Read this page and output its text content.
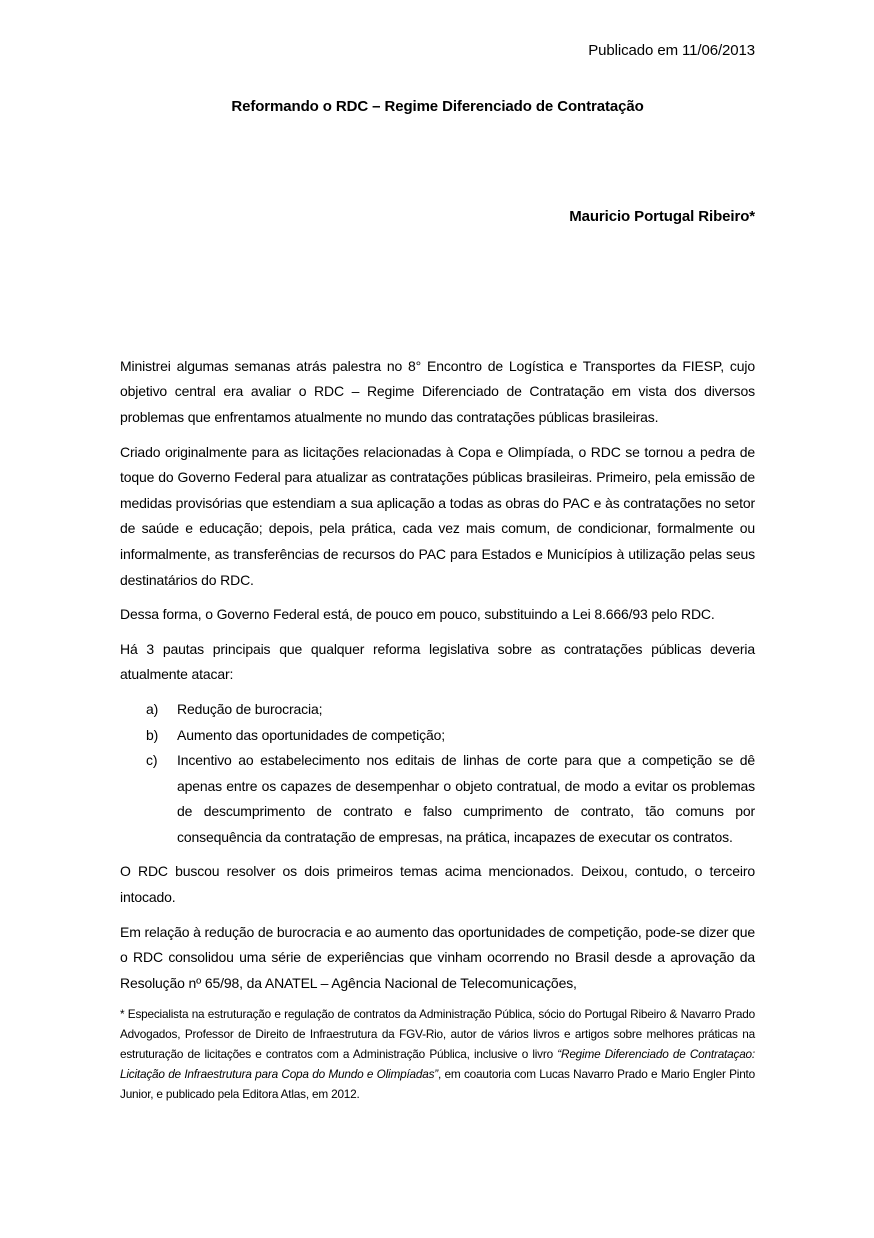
Publicado em 11/06/2013
Reformando o RDC – Regime Diferenciado de Contratação
Mauricio Portugal Ribeiro*

Ministrei algumas semanas atrás palestra no 8° Encontro de Logística e Transportes da FIESP, cujo objetivo central era avaliar o RDC – Regime Diferenciado de Contratação em vista dos diversos problemas que enfrentamos atualmente no mundo das contratações públicas brasileiras.

Criado originalmente para as licitações relacionadas à Copa e Olimpíada, o RDC se tornou a pedra de toque do Governo Federal para atualizar as contratações públicas brasileiras. Primeiro, pela emissão de medidas provisórias que estendiam a sua aplicação a todas as obras do PAC e às contratações no setor de saúde e educação; depois, pela prática, cada vez mais comum, de condicionar, formalmente ou informalmente, as transferências de recursos do PAC para Estados e Municípios à utilização pelas seus destinatários do RDC.

Dessa forma, o Governo Federal está, de pouco em pouco, substituindo a Lei 8.666/93 pelo RDC.

Há 3 pautas principais que qualquer reforma legislativa sobre as contratações públicas deveria atualmente atacar:

a)	Redução de burocracia;
b)	Aumento das oportunidades de competição;
c)	Incentivo ao estabelecimento nos editais de linhas de corte para que a competição se dê apenas entre os capazes de desempenhar o objeto contratual, de modo a evitar os problemas de descumprimento de contrato e falso cumprimento de contrato, tão comuns por consequência da contratação de empresas, na prática, incapazes de executar os contratos.

O RDC buscou resolver os dois primeiros temas acima mencionados. Deixou, contudo, o terceiro intocado.

Em relação à redução de burocracia e ao aumento das oportunidades de competição, pode-se dizer que o RDC consolidou uma série de experiências que vinham ocorrendo no Brasil desde a aprovação da Resolução nº 65/98, da ANATEL – Agência Nacional de Telecomunicações,

* Especialista na estruturação e regulação de contratos da Administração Pública, sócio do Portugal Ribeiro & Navarro Prado Advogados, Professor de Direito de Infraestrutura da FGV-Rio, autor de vários livros e artigos sobre melhores práticas na estruturação de licitações e contratos com a Administração Pública, inclusive o livro “Regime Diferenciado de Contrataçao: Licitação de Infraestrutura para Copa do Mundo e Olimpíadas”, em coautoria com Lucas Navarro Prado e Mario Engler Pinto Junior, e publicado pela Editora Atlas, em 2012.
